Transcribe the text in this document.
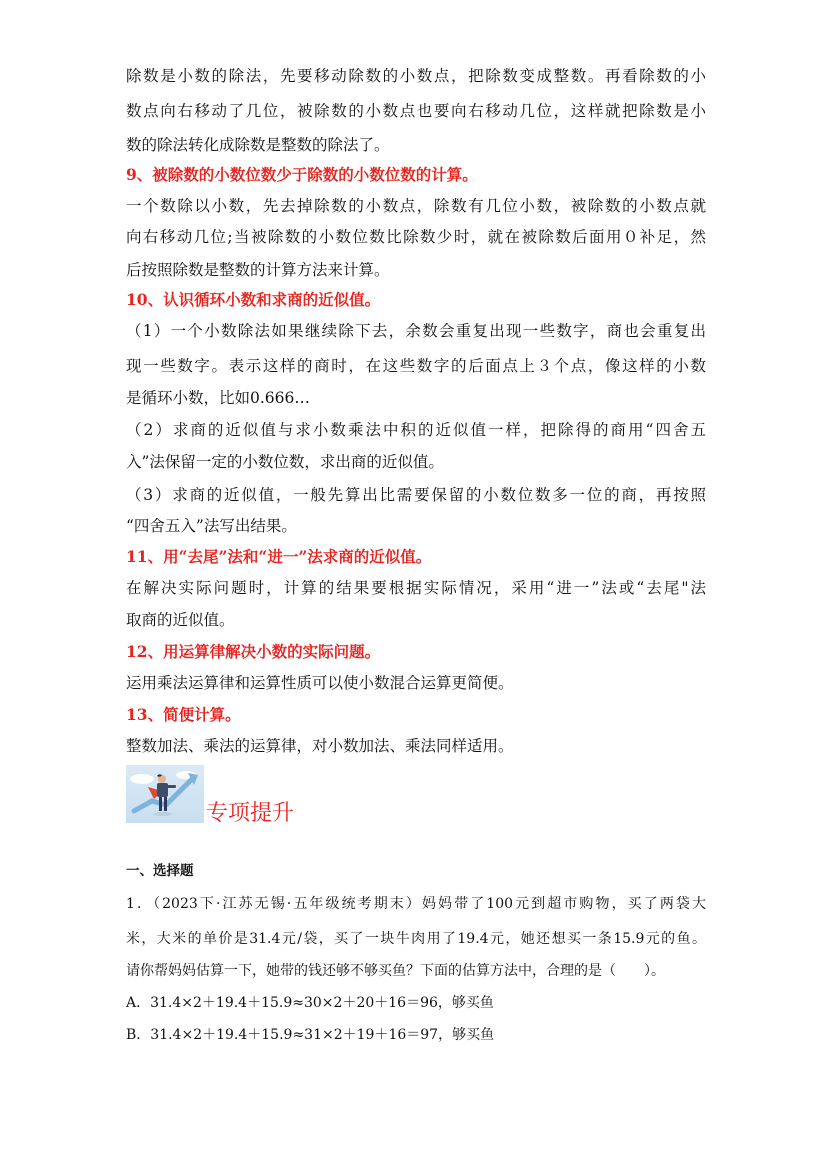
除数是小数的除法，先要移动除数的小数点，把除数变成整数。再看除数的小
数点向右移动了几位，被除数的小数点也要向右移动几位，这样就把除数是小
数的除法转化成除数是整数的除法了。
9、被除数的小数位数少于除数的小数位数的计算。
一个数除以小数，先去掉除数的小数点，除数有几位小数，被除数的小数点就
向右移动几位;当被除数的小数位数比除数少时，就在被除数后面用０补足，然
后按照除数是整数的计算方法来计算。
10、认识循环小数和求商的近似值。
（1）一个小数除法如果继续除下去，余数会重复出现一些数字，商也会重复出
现一些数字。表示这样的商时，在这些数字的后面点上３个点，像这样的小数
是循环小数，比如0.666…
（2）求商的近似值与求小数乘法中积的近似值一样，把除得的商用“四舍五
入”法保留一定的小数位数，求出商的近似值。
（3）求商的近似值，一般先算出比需要保留的小数位数多一位的商，再按照
“四舍五入”法写出结果。
11、用“去尾”法和“进一”法求商的近似值。
在解决实际问题时，计算的结果要根据实际情况，采用“进一”法或“去尾"法
取商的近似值。
12、用运算律解决小数的实际问题。
运用乘法运算律和运算性质可以使小数混合运算更简便。
13、简便计算。
整数加法、乘法的运算律，对小数加法、乘法同样适用。
专项提升
一、选择题
1．（2023下·江苏无锡·五年级统考期末）妈妈带了100元到超市购物，买了两袋大
米，大米的单价是31.4元/袋，买了一块牛肉用了19.4元，她还想买一条15.9元的鱼。
请你帮妈妈估算一下，她带的钱还够不够买鱼？下面的估算方法中，合理的是（　　）。
A．31.4×2＋19.4＋15.9≈30×2＋20＋16＝96，够买鱼
B．31.4×2＋19.4＋15.9≈31×2＋19＋16＝97，够买鱼
